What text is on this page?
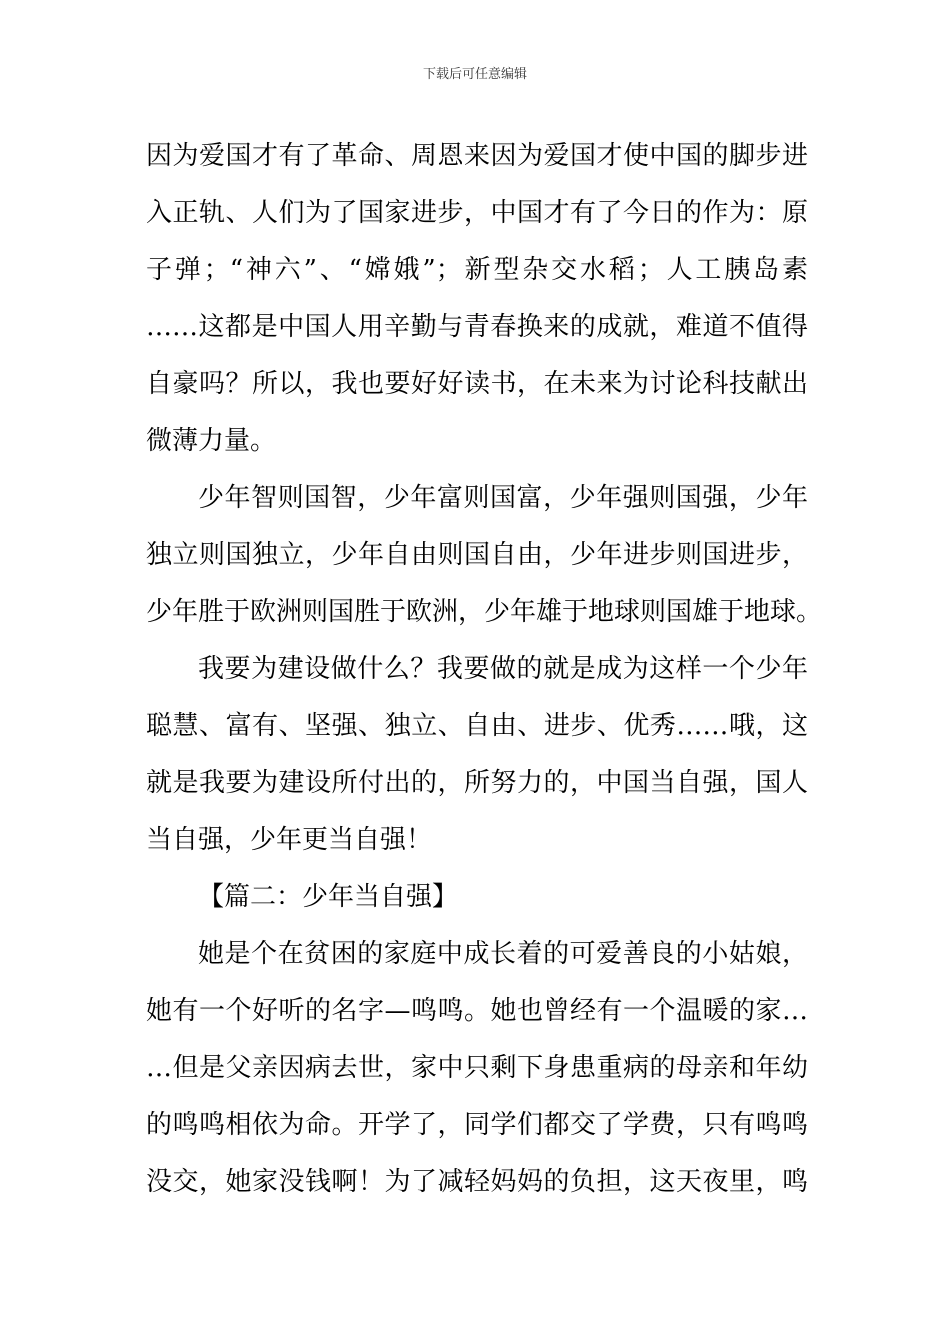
下载后可任意编辑
因为爱国才有了革命、周恩来因为爱国才使中国的脚步进
入正轨、人们为了国家进步，中国才有了今日的作为：原
子弹；“神六”、“嫦娥”；新型杂交水稻；人工胰岛素
……这都是中国人用辛勤与青春换来的成就，难道不值得
自豪吗？所以，我也要好好读书，在未来为讨论科技献出
微薄力量。
少年智则国智，少年富则国富，少年强则国强，少年
独立则国独立，少年自由则国自由，少年进步则国进步，
少年胜于欧洲则国胜于欧洲，少年雄于地球则国雄于地球。
我要为建设做什么？我要做的就是成为这样一个少年
聪慧、富有、坚强、独立、自由、进步、优秀……哦，这
就是我要为建设所付出的，所努力的，中国当自强，国人
当自强，少年更当自强！
【篇二：少年当自强】
她是个在贫困的家庭中成长着的可爱善良的小姑娘，
她有一个好听的名字—鸣鸣。她也曾经有一个温暖的家…
…但是父亲因病去世，家中只剩下身患重病的母亲和年幼
的鸣鸣相依为命。开学了，同学们都交了学费，只有鸣鸣
没交，她家没钱啊！为了减轻妈妈的负担，这天夜里，鸣
